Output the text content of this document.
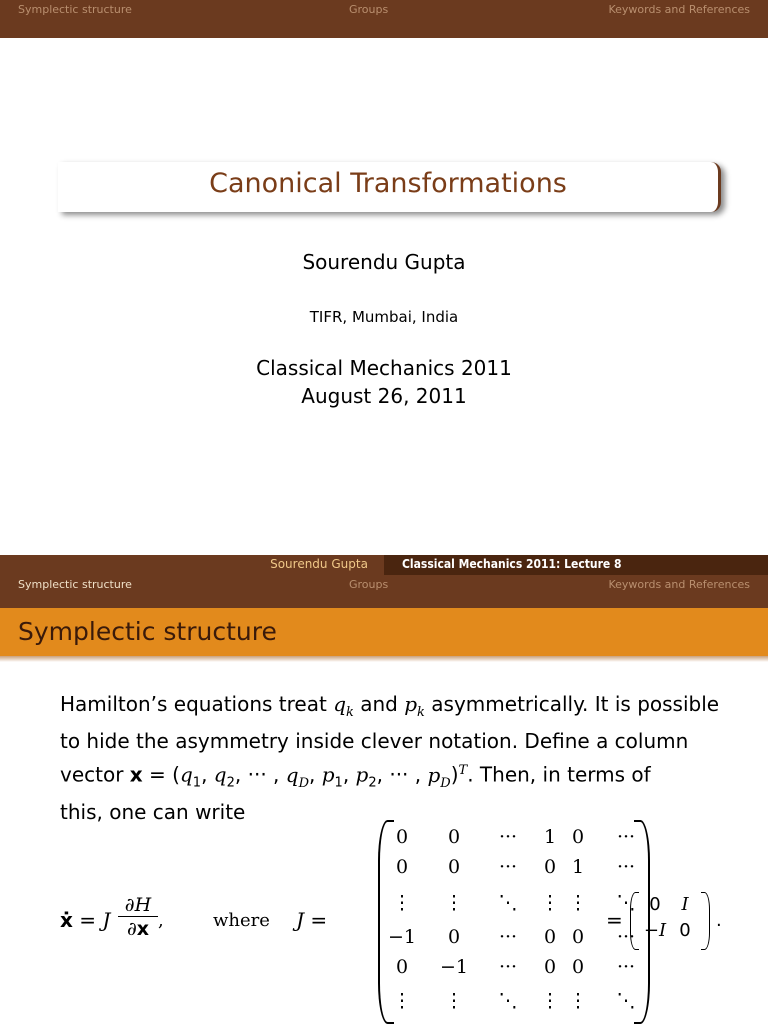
Symplectic structure	Groups	Keywords and References
Canonical Transformations
Sourendu Gupta
TIFR, Mumbai, India
Classical Mechanics 2011
August 26, 2011
Sourendu Gupta	Classical Mechanics 2011: Lecture 8
Symplectic structure	Groups	Keywords and References
Symplectic structure
Hamilton’s equations treat $q_k$ and $p_k$ asymmetrically. It is possible
to hide the asymmetry inside clever notation. Define a column
vector $x = (q_1$, $q_2$, ··· , $q_D$, $p_1$, $p_2$, ··· , $p_D)^T$. Then, in terms of
this, one can write
ẋ = J
∂H
∂x ,	where J =
0	0	···	1 0	···
0	0	···	0 1	···
⋮	⋮	⋱	⋮ ⋮	⋱
−1	0	···	0 0	···
0	−1	···	0 0	···
⋮	⋮	⋱	⋮ ⋮	⋱
=
0	I
−I 0	.
